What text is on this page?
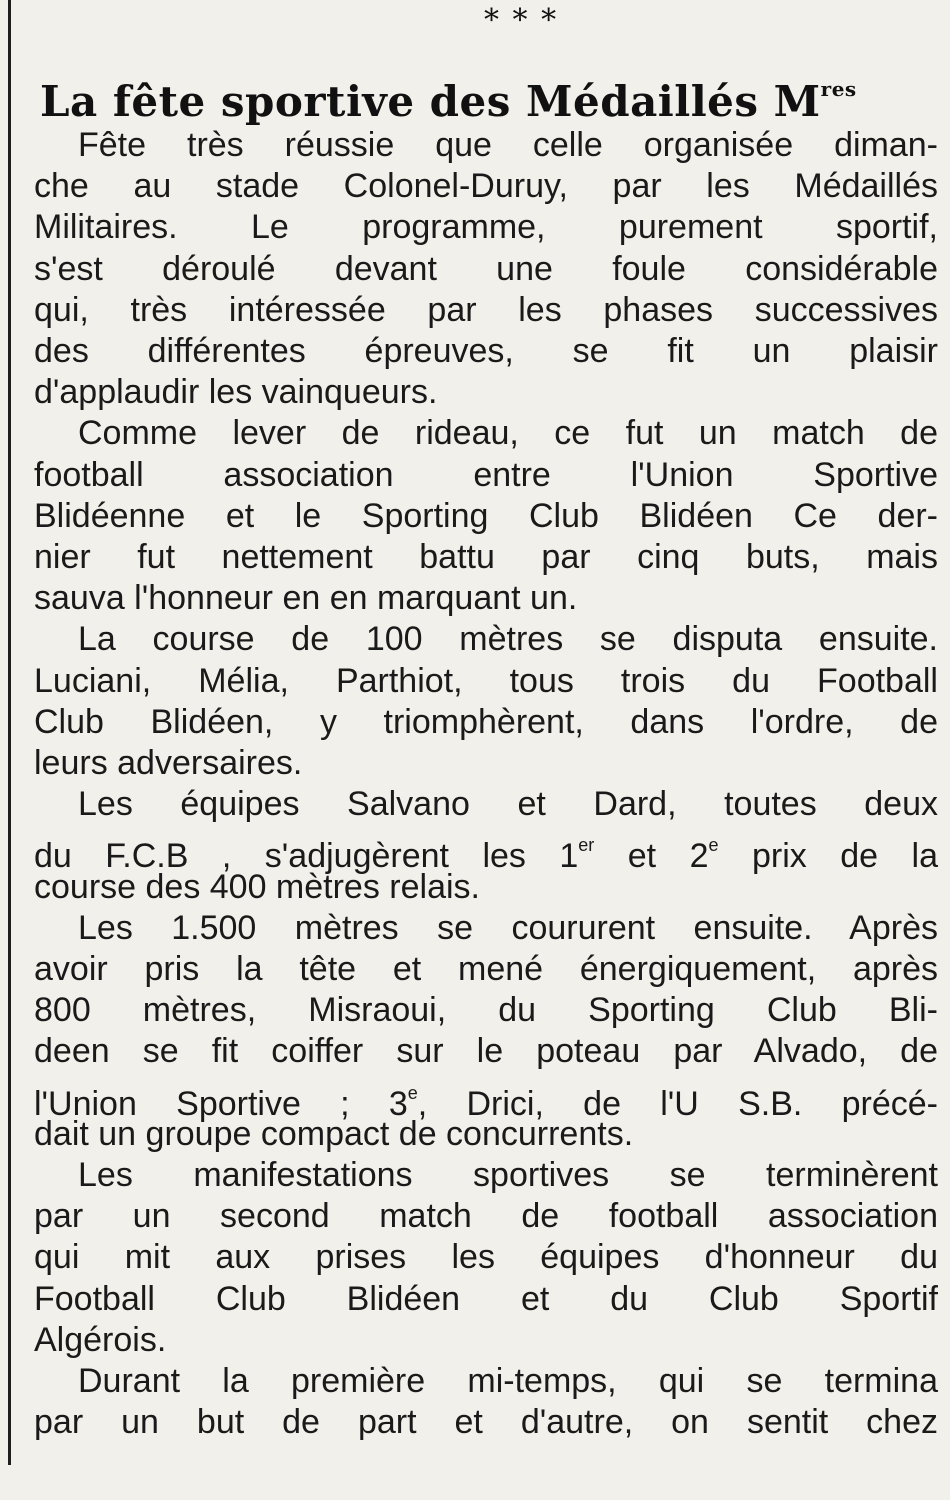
* * *
La fête sportive des Médaillés Mres
Fête très réussie que celle organisée diman-
che au stade Colonel-Duruy, par les Médaillés
Militaires. Le programme, purement sportif,
s'est déroulé devant une foule considérable
qui, très intéressée par les phases successives
des différentes épreuves, se fit un plaisir
d'applaudir les vainqueurs.
Comme lever de rideau, ce fut un match de
football association entre l'Union Sportive
Blidéenne et le Sporting Club Blidéen Ce der-
nier fut nettement battu par cinq buts, mais
sauva l'honneur en en marquant un.
La course de 100 mètres se disputa ensuite.
Luciani, Mélia, Parthiot, tous trois du Football
Club Blidéen, y triomphèrent, dans l'ordre, de
leurs adversaires.
Les équipes Salvano et Dard, toutes deux
du F.C.B , s'adjugèrent les 1er et 2e prix de la
course des 400 mètres relais.
Les 1.500 mètres se coururent ensuite. Après
avoir pris la tête et mené énergiquement, après
800 mètres, Misraoui, du Sporting Club Bli-
deen se fit coiffer sur le poteau par Alvado, de
l'Union Sportive ; 3e, Drici, de l'U S.B. précé-
dait un groupe compact de concurrents.
Les manifestations sportives se terminèrent
par un second match de football association
qui mit aux prises les équipes d'honneur du
Football Club Blidéen et du Club Sportif
Algérois.
Durant la première mi-temps, qui se termina
par un but de part et d'autre, on sentit chez
